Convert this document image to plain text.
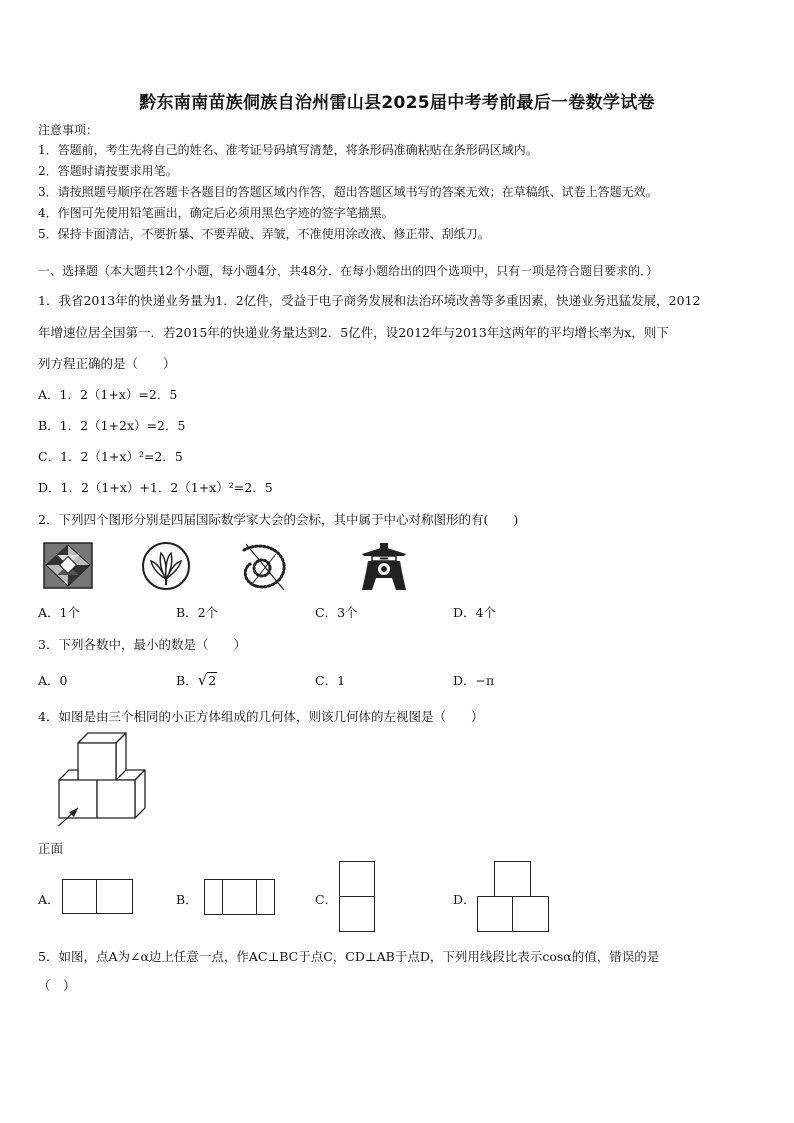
黔东南南苗族侗族自治州雷山县2025届中考考前最后一卷数学试卷
注意事项：
1．答题前，考生先将自己的姓名、准考证号码填写清楚，将条形码准确粘贴在条形码区域内。
2．答题时请按要求用笔。
3．请按照题号顺序在答题卡各题目的答题区域内作答，超出答题区域书写的答案无效；在草稿纸、试卷上答题无效。
4．作图可先使用铅笔画出，确定后必须用黑色字迹的签字笔描黑。
5．保持卡面清洁，不要折暴、不要弄破、弄皱，不准使用涂改液、修正带、刮纸刀。
一、选择题（本大题共12个小题，每小题4分，共48分．在每小题给出的四个选项中，只有一项是符合题目要求的．）
1．我省2013年的快递业务量为1．2亿件，受益于电子商务发展和法治环境改善等多重因素，快递业务迅猛发展，2012
年增速位居全国第一．若2015年的快递业务量达到2．5亿件，设2012年与2013年这两年的平均增长率为x，则下
列方程正确的是（　　）
A．1．2（1+x）=2．5
B．1．2（1+2x）=2．5
C．1．2（1+x）²=2．5
D．1．2（1+x）+1．2（1+x）²=2．5
2．下列四个图形分别是四届国际数学家大会的会标，其中属于中心对称图形的有(　　)
A．1个	B．2个	C．3个	D．4个
3．下列各数中，最小的数是（　　）
A．0	B．√2	C．1	D．−π
4．如图是由三个相同的小正方体组成的几何体，则该几何体的左视图是（　　）
正面
A．	B．	C．	D．
5．如图，点A为∠α边上任意一点，作AC⊥BC于点C，CD⊥AB于点D，下列用线段比表示cosα的值，错误的是
（　）
